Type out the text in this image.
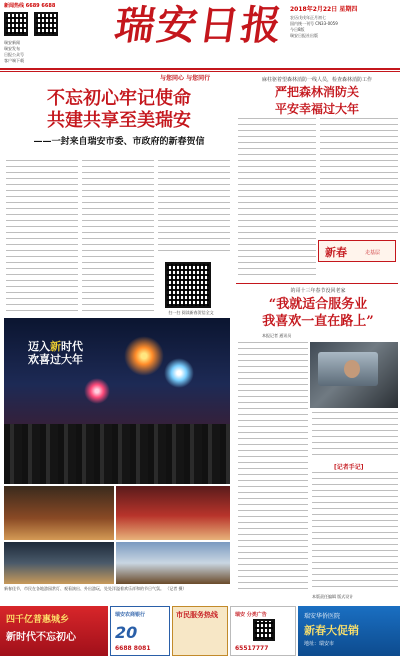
新闻热线 6689 6688
瑞安新闻
瑞安发布
日报公众号
客户端下载
瑞安日报 2018年2月22日 星期四
农历戊戌年正月初七
国内统一刊号 CN33-0059
今日8版
瑞安日报社出版
与您同心 与您同行
不忘初心牢记使命
共建共享至美瑞安
——一封来自瑞安市委、市政府的新春贺信
扫一扫 阅读新春贺信全文
迈入新时代
欢喜过大年
新春佳节，市民在各地游园赏灯、观看演出、外出游玩，处处洋溢着欢乐祥和的节日气氛。 （记者 摄）
麻柱驱着望森林消防一线人员，检查森林消防工作
严把森林消防关
平安幸福过大年
新春	走基层
的哥十三年春节没回老家
“我就适合服务业
我喜欢一直在路上”
本报记者 通讯员
[记者手记]
本版责任编辑 版式设计
四千亿普惠城乡
新时代不忘初心
瑞安农商银行
20
6688 8081
市民服务热线	瑞安 分类广告
65517777
瑞安华侨医院
新春大促销
地址：瑞安市
